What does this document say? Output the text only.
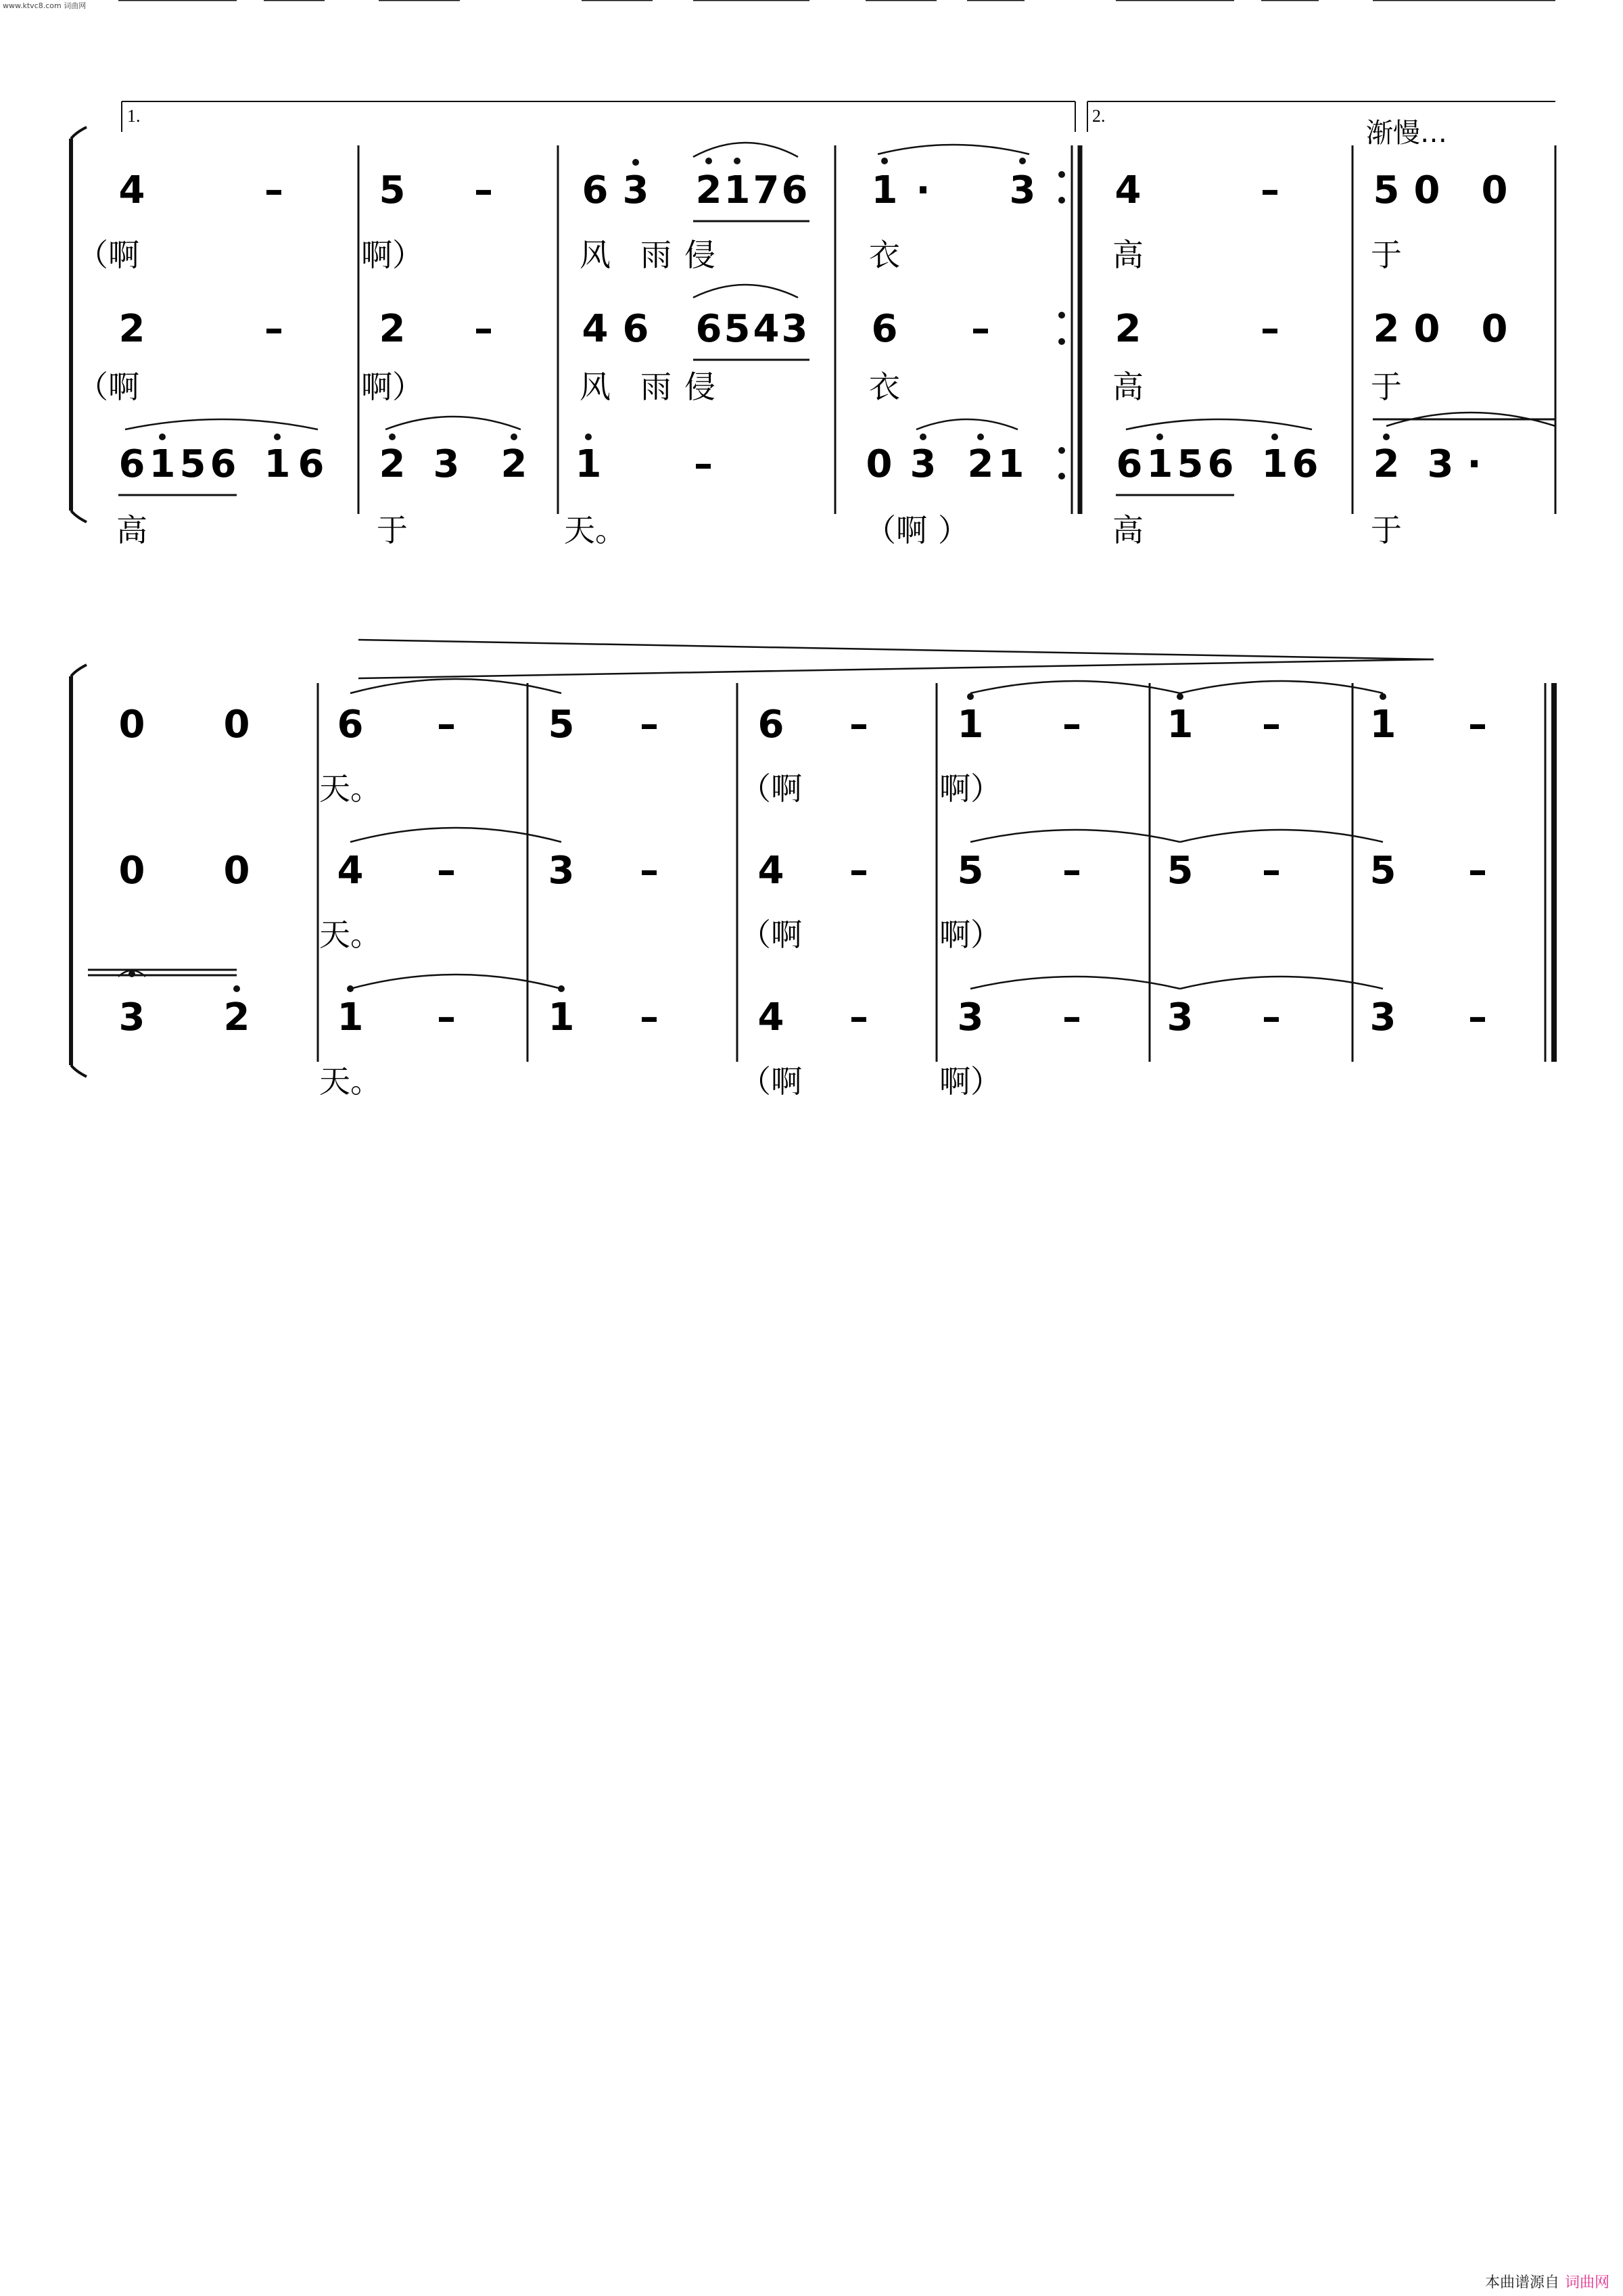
www.ktvc8.com 词曲网
本曲谱源自 词曲网
1.	2.
渐慢…
4	–	5 – 6 3 2 1 7 6 1 · 3 4	– 5 0 0
（啊	啊）	风 雨 侵	衣	高	于
2	–	2 – 4 6 6 5 4 3 6 –	2	– 2 0 0
（啊	啊）	风 雨 侵	衣	高	于
6 1 5 6 1 6 2 3 2 1 –	0 3 2 1 6 1 5 6 1 6 2 3 ·
高	于	天。	（啊 ）	高	于
0 0 6 – 5 –	6 – 1 – 1 – 1 –
天。	（啊	啊）
0 0 4 – 3 –	4 – 5 – 5 – 5 –
天。	（啊	啊）
3 2 1 – 1 –	4 – 3 – 3 – 3 –
天。	（啊	啊）
